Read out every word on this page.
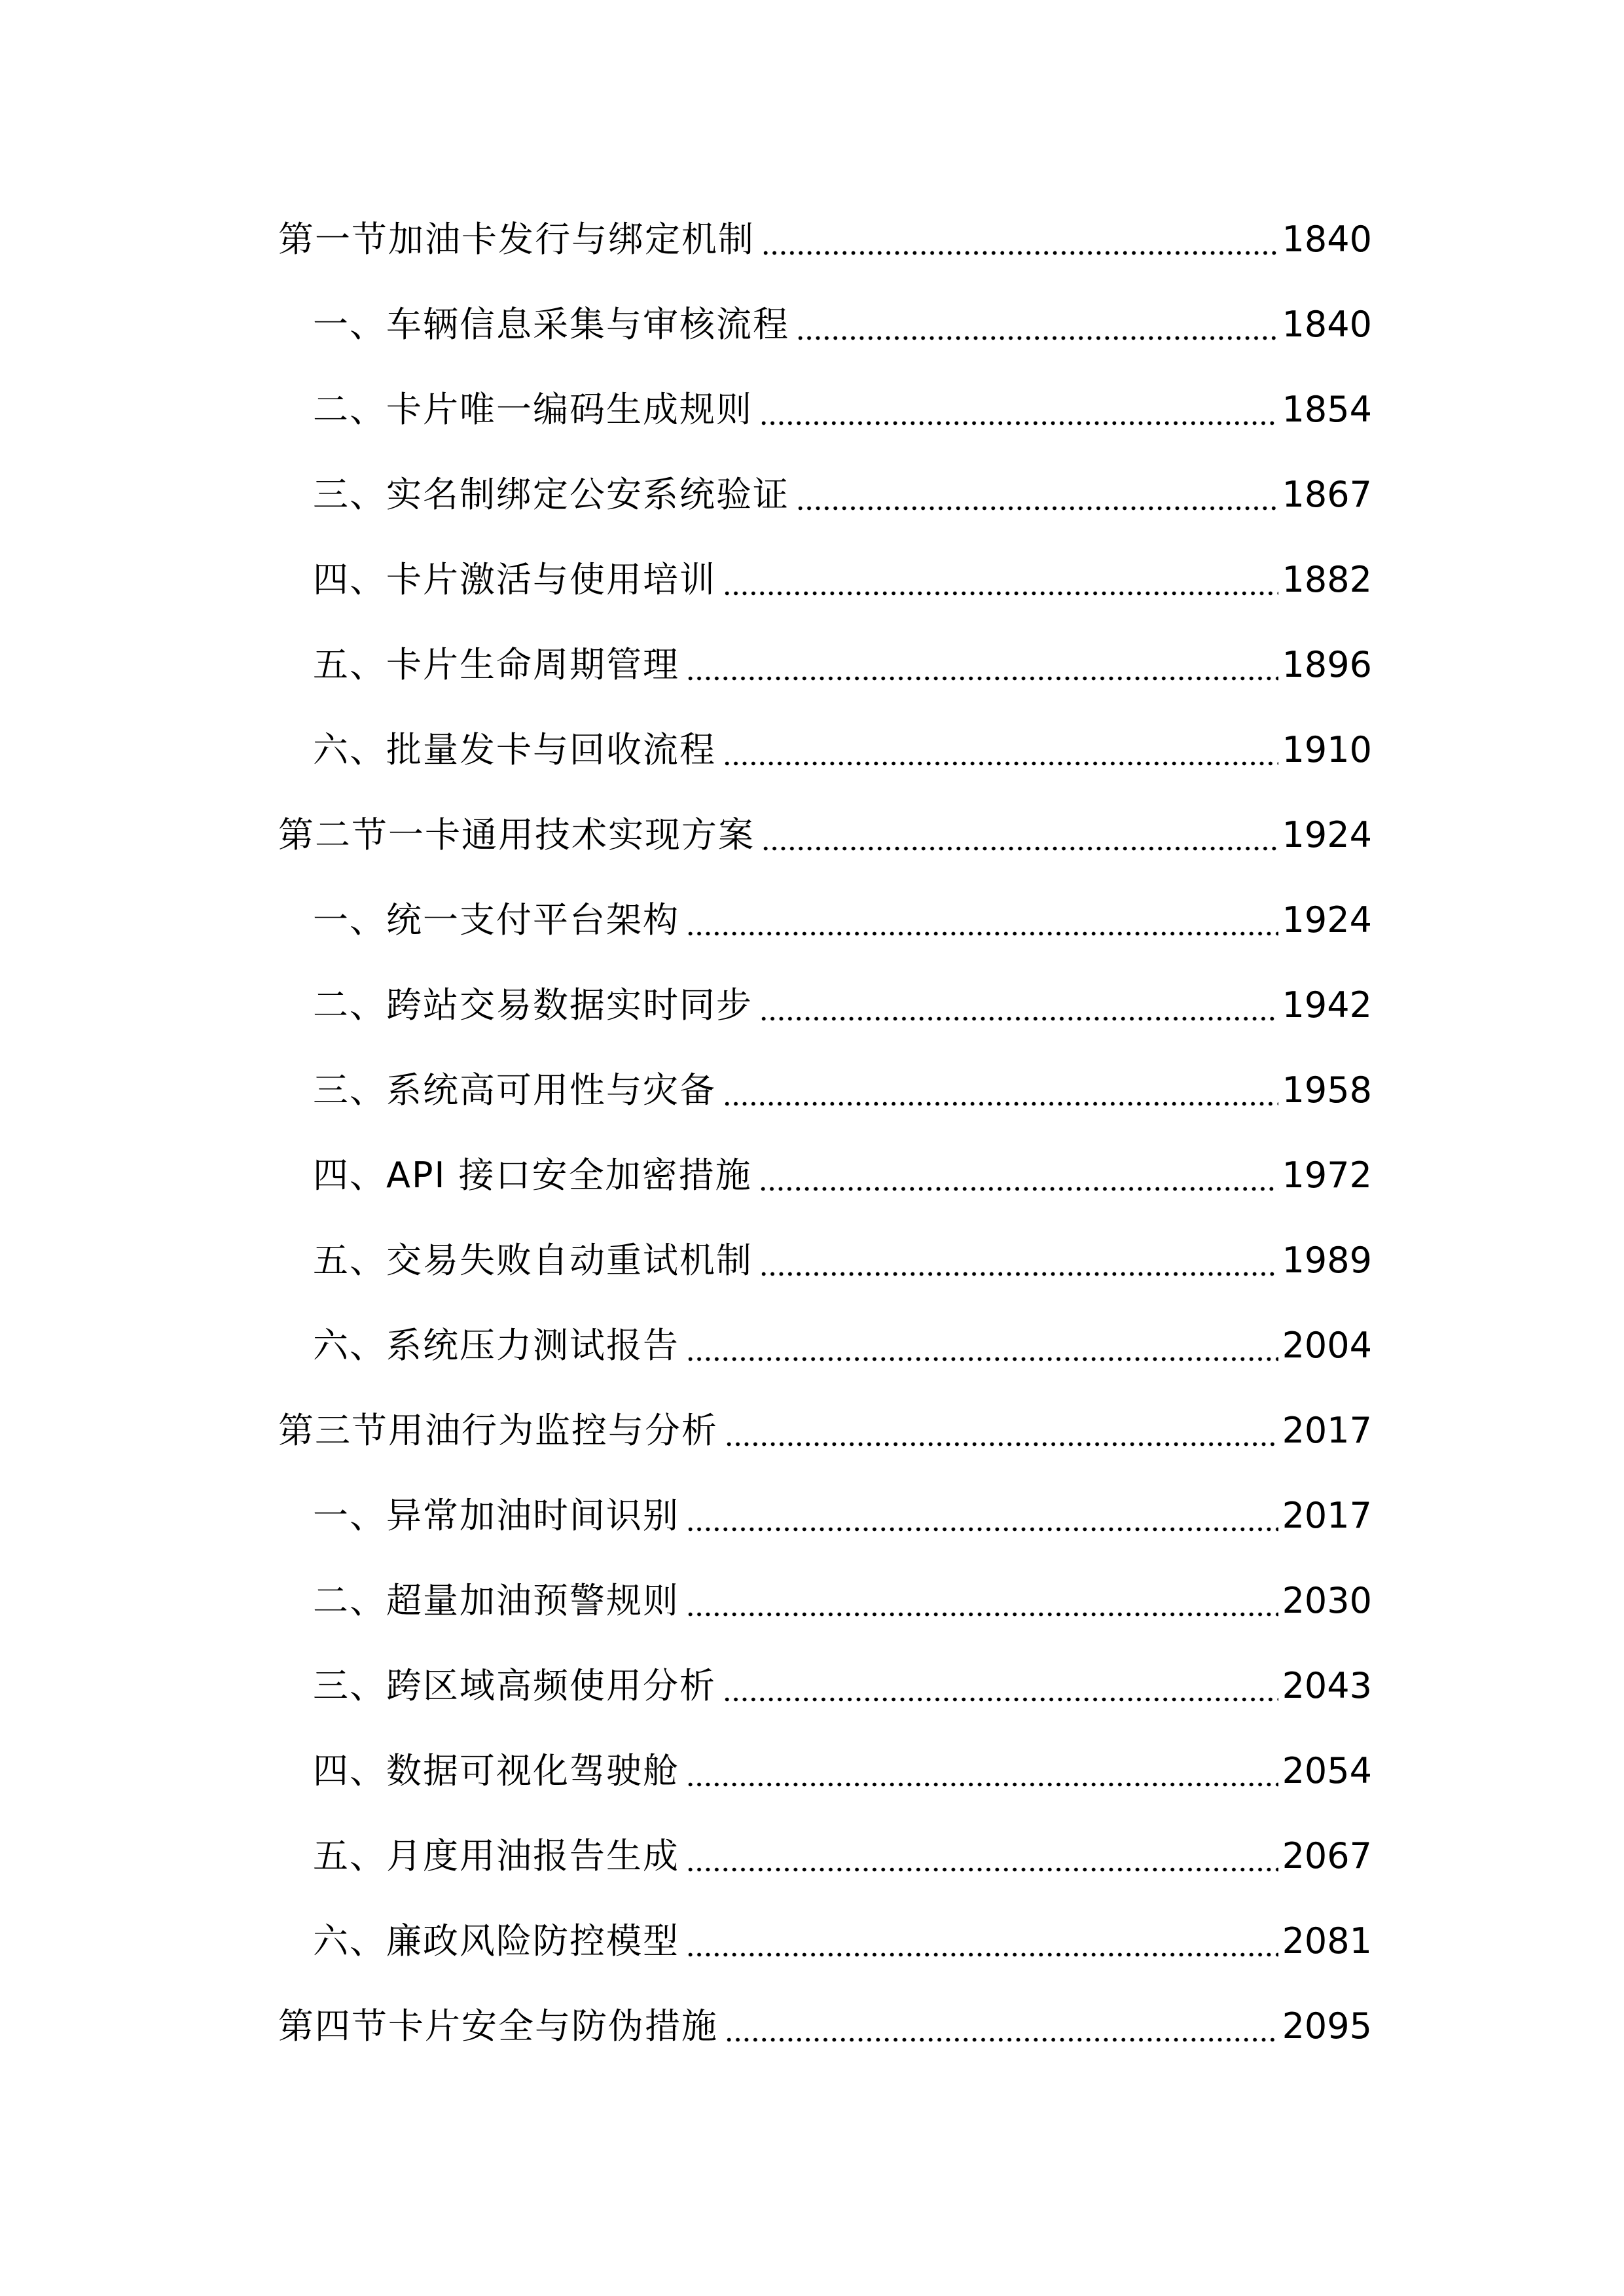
第一节加油卡发行与绑定机制	1840
一、车辆信息采集与审核流程	1840
二、卡片唯一编码生成规则	1854
三、实名制绑定公安系统验证	1867
四、卡片激活与使用培训	1882
五、卡片生命周期管理	1896
六、批量发卡与回收流程	1910
第二节一卡通用技术实现方案	1924
一、统一支付平台架构	1924
二、跨站交易数据实时同步	1942
三、系统高可用性与灾备	1958
四、API 接口安全加密措施	1972
五、交易失败自动重试机制	1989
六、系统压力测试报告	2004
第三节用油行为监控与分析	2017
一、异常加油时间识别	2017
二、超量加油预警规则	2030
三、跨区域高频使用分析	2043
四、数据可视化驾驶舱	2054
五、月度用油报告生成	2067
六、廉政风险防控模型	2081
第四节卡片安全与防伪措施	2095
